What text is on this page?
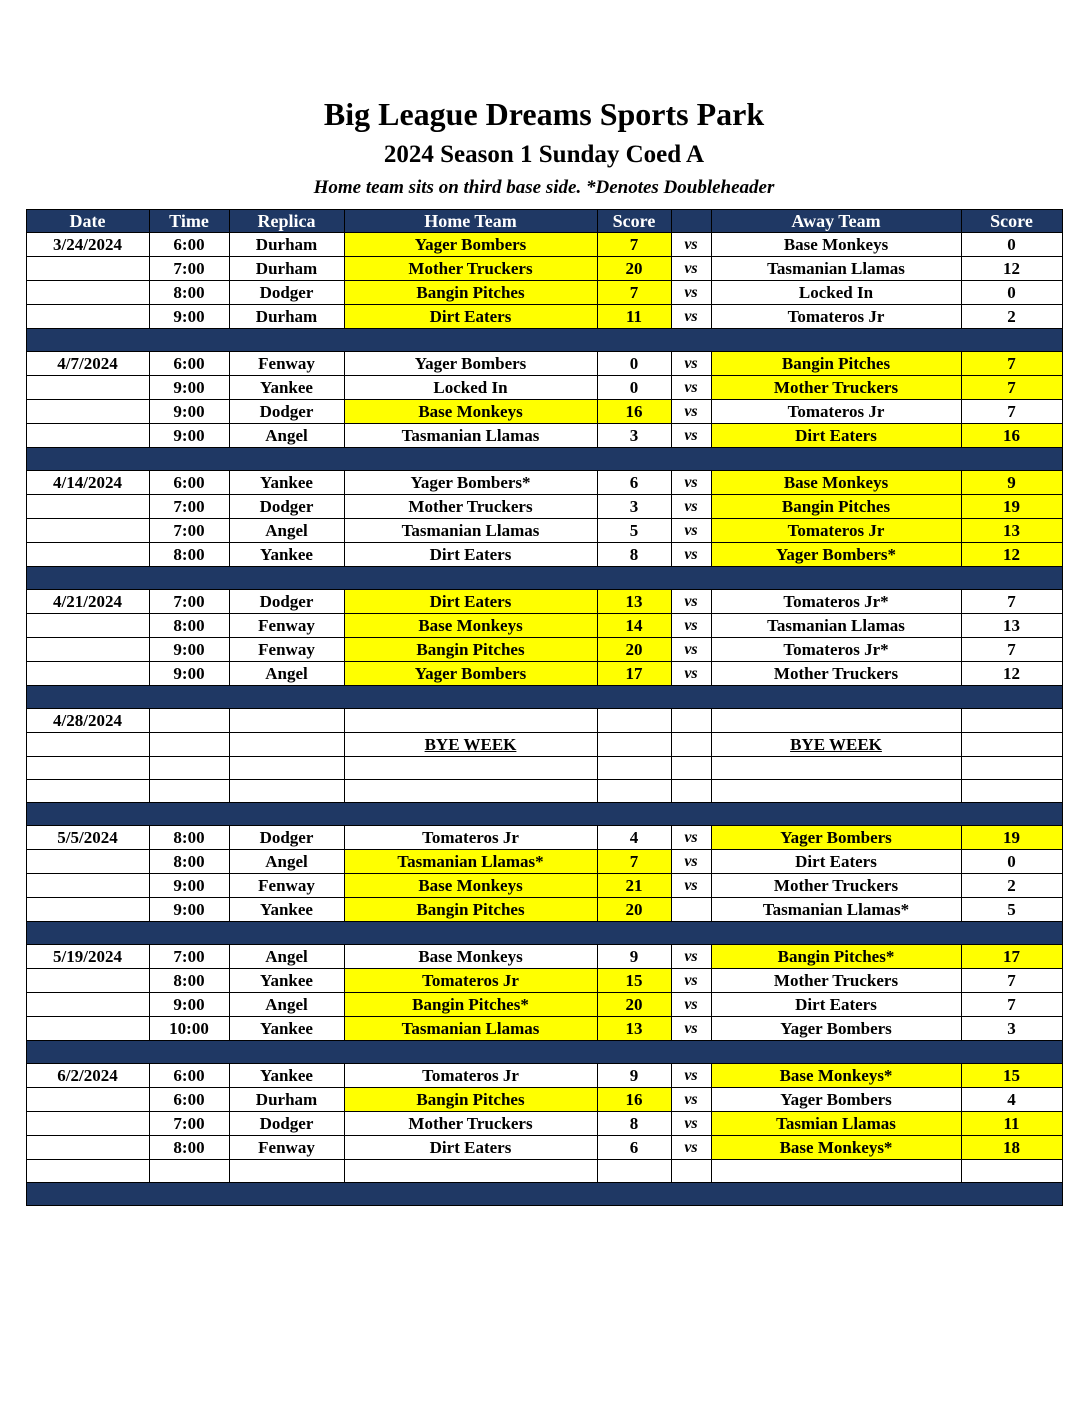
Big League Dreams Sports Park
2024 Season 1 Sunday Coed A

Home team sits on third base side. *Denotes Doubleheader

Date	Time	Replica	Home Team	Score		Away Team	Score
3/24/2024	6:00	Durham	Yager Bombers	7	vs	Base Monkeys	0
	7:00	Durham	Mother Truckers	20	vs	Tasmanian Llamas	12
	8:00	Dodger	Bangin Pitches	7	vs	Locked In	0
	9:00	Durham	Dirt Eaters	11	vs	Tomateros Jr	2

4/7/2024	6:00	Fenway	Yager Bombers	0	vs	Bangin Pitches	7
	9:00	Yankee	Locked In	0	vs	Mother Truckers	7
	9:00	Dodger	Base Monkeys	16	vs	Tomateros Jr	7
	9:00	Angel	Tasmanian Llamas	3	vs	Dirt Eaters	16

4/14/2024	6:00	Yankee	Yager Bombers*	6	vs	Base Monkeys	9
	7:00	Dodger	Mother Truckers	3	vs	Bangin Pitches	19
	7:00	Angel	Tasmanian Llamas	5	vs	Tomateros Jr	13
	8:00	Yankee	Dirt Eaters	8	vs	Yager Bombers*	12

4/21/2024	7:00	Dodger	Dirt Eaters	13	vs	Tomateros Jr*	7
	8:00	Fenway	Base Monkeys	14	vs	Tasmanian Llamas	13
	9:00	Fenway	Bangin Pitches	20	vs	Tomateros Jr*	7
	9:00	Angel	Yager Bombers	17	vs	Mother Truckers	12

4/28/2024							
			BYE WEEK			BYE WEEK	

5/5/2024	8:00	Dodger	Tomateros Jr	4	vs	Yager Bombers	19
	8:00	Angel	Tasmanian Llamas*	7	vs	Dirt Eaters	0
	9:00	Fenway	Base Monkeys	21	vs	Mother Truckers	2
	9:00	Yankee	Bangin Pitches	20		Tasmanian Llamas*	5

5/19/2024	7:00	Angel	Base Monkeys	9	vs	Bangin Pitches*	17
	8:00	Yankee	Tomateros Jr	15	vs	Mother Truckers	7
	9:00	Angel	Bangin Pitches*	20	vs	Dirt Eaters	7
	10:00	Yankee	Tasmanian Llamas	13	vs	Yager Bombers	3

6/2/2024	6:00	Yankee	Tomateros Jr	9	vs	Base Monkeys*	15
	6:00	Durham	Bangin Pitches	16	vs	Yager Bombers	4
	7:00	Dodger	Mother Truckers	8	vs	Tasmian Llamas	11
	8:00	Fenway	Dirt Eaters	6	vs	Base Monkeys*	18
